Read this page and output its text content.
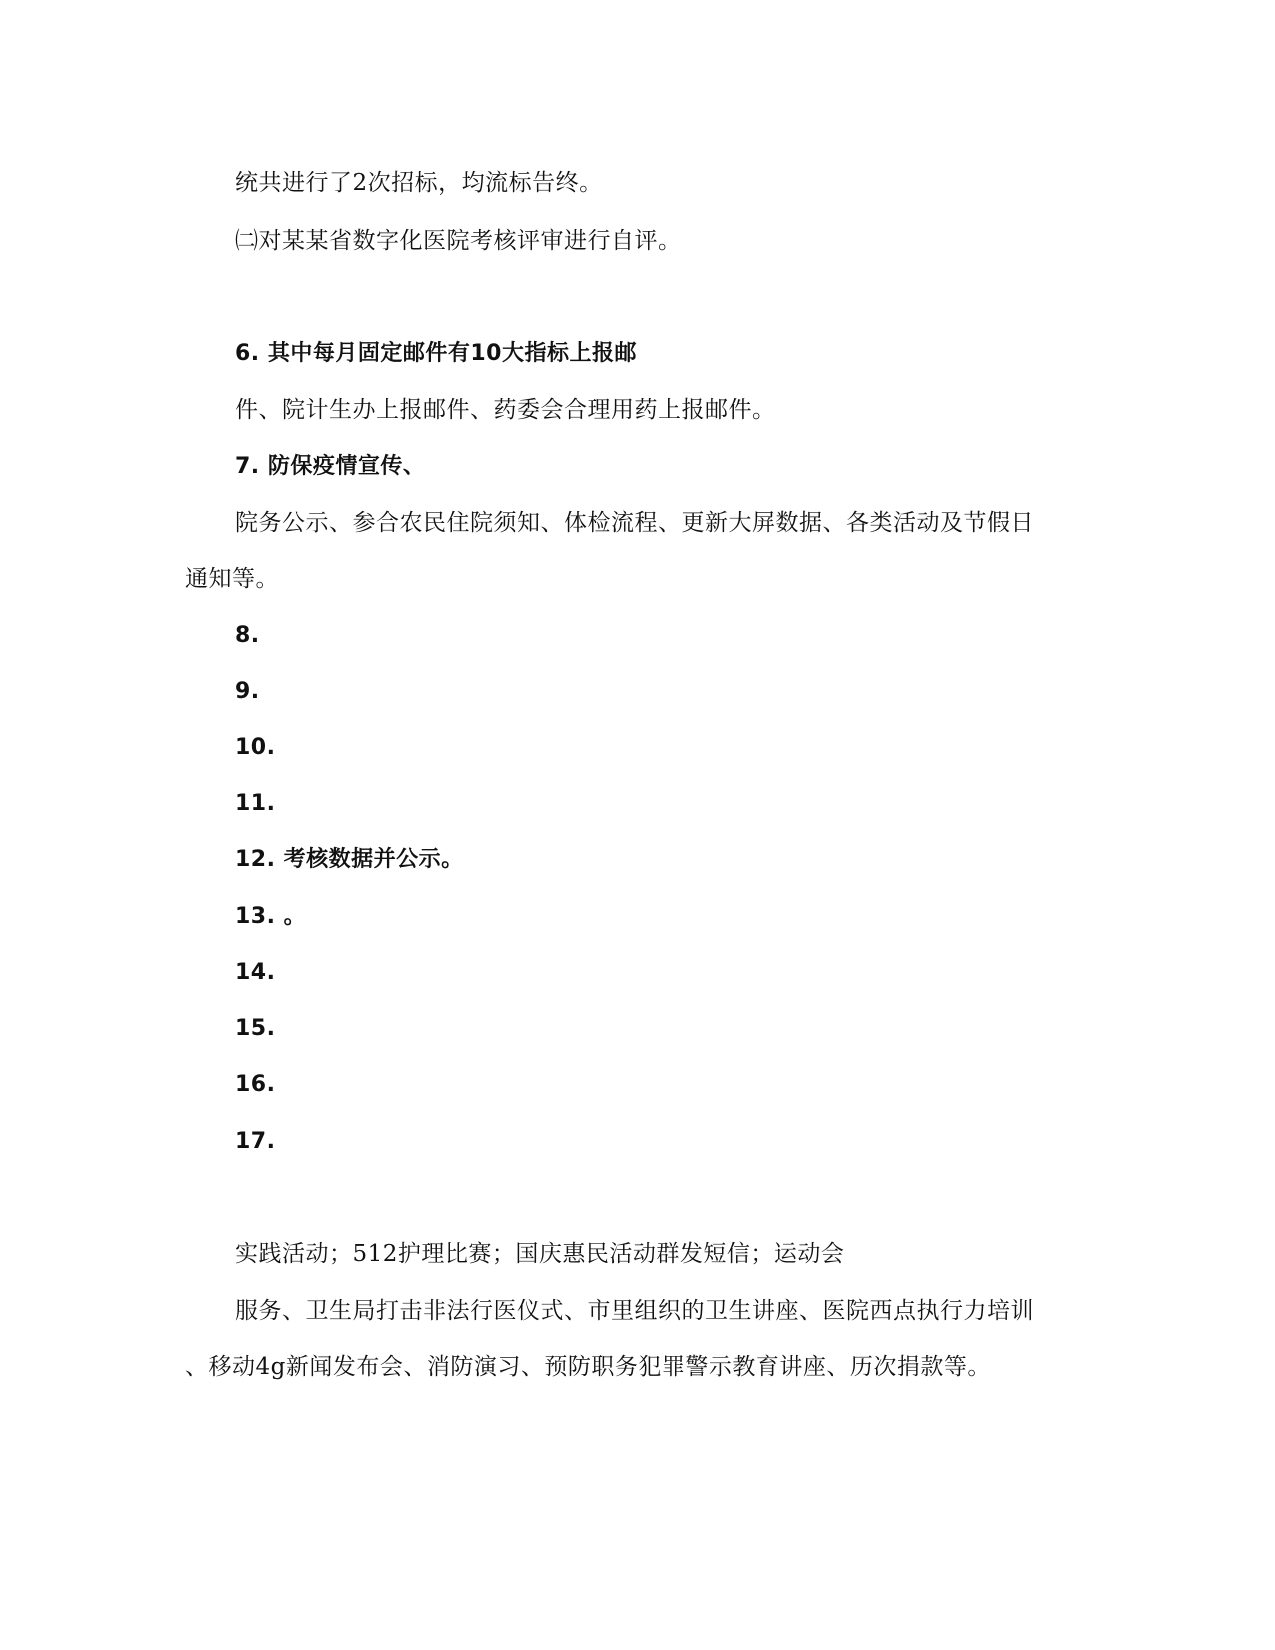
统共进行了2次招标，均流标告终。
㈡对某某省数字化医院考核评审进行自评。
6. 其中每月固定邮件有10大指标上报邮
件、院计生办上报邮件、药委会合理用药上报邮件。
7. 防保疫情宣传、
院务公示、参合农民住院须知、体检流程、更新大屏数据、各类活动及节假日
通知等。
8.
9.
10.
11.
12. 考核数据并公示。
13. 。
14.
15.
16.
17.
实践活动；512护理比赛；国庆惠民活动群发短信；运动会
服务、卫生局打击非法行医仪式、市里组织的卫生讲座、医院西点执行力培训
、移动4g新闻发布会、消防演习、预防职务犯罪警示教育讲座、历次捐款等。
